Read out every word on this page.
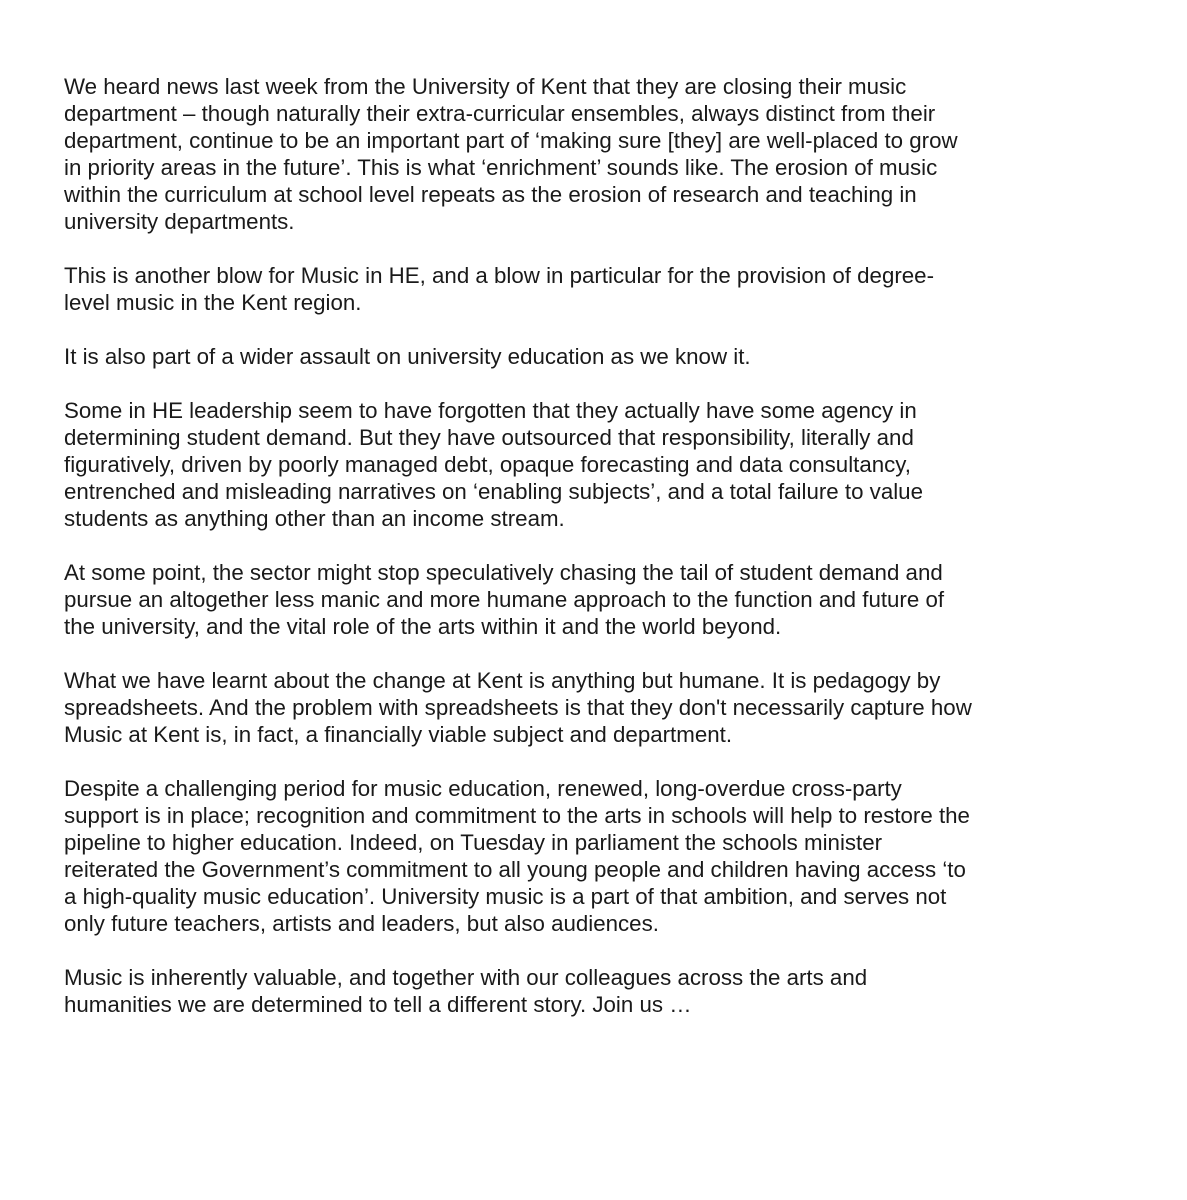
We heard news last week from the University of Kent that they are closing their music
department – though naturally their extra-curricular ensembles, always distinct from their
department, continue to be an important part of ‘making sure [they] are well-placed to grow
in priority areas in the future’. This is what ‘enrichment’ sounds like. The erosion of music
within the curriculum at school level repeats as the erosion of research and teaching in
university departments.

This is another blow for Music in HE, and a blow in particular for the provision of degree-
level music in the Kent region.

It is also part of a wider assault on university education as we know it.

Some in HE leadership seem to have forgotten that they actually have some agency in
determining student demand. But they have outsourced that responsibility, literally and
figuratively, driven by poorly managed debt, opaque forecasting and data consultancy,
entrenched and misleading narratives on ‘enabling subjects’, and a total failure to value
students as anything other than an income stream.

At some point, the sector might stop speculatively chasing the tail of student demand and
pursue an altogether less manic and more humane approach to the function and future of
the university, and the vital role of the arts within it and the world beyond.

What we have learnt about the change at Kent is anything but humane. It is pedagogy by
spreadsheets. And the problem with spreadsheets is that they don't necessarily capture how
Music at Kent is, in fact, a financially viable subject and department.

Despite a challenging period for music education, renewed, long-overdue cross-party
support is in place; recognition and commitment to the arts in schools will help to restore the
pipeline to higher education. Indeed, on Tuesday in parliament the schools minister
reiterated the Government’s commitment to all young people and children having access ‘to
a high-quality music education’. University music is a part of that ambition, and serves not
only future teachers, artists and leaders, but also audiences.

Music is inherently valuable, and together with our colleagues across the arts and
humanities we are determined to tell a different story. Join us …
